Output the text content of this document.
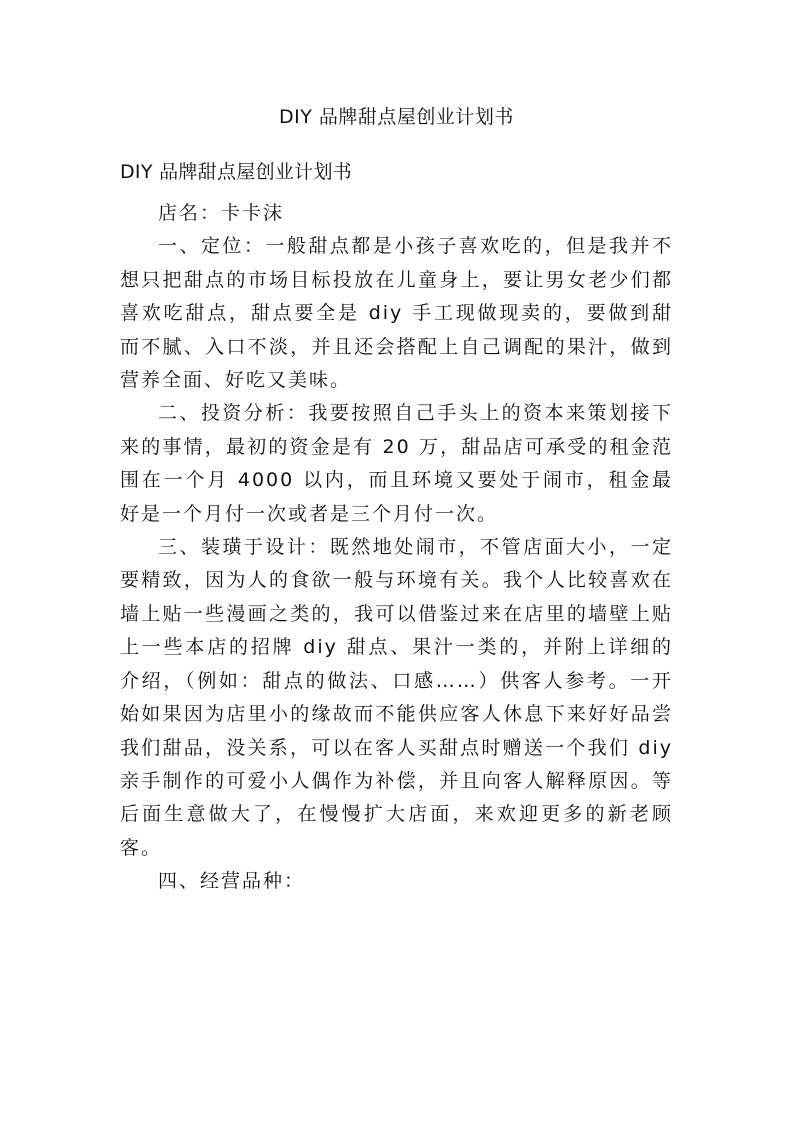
DIY 品牌甜点屋创业计划书
DIY 品牌甜点屋创业计划书

店名：卡卡沫

一、定位：一般甜点都是小孩子喜欢吃的，但是我并不想只把甜点的市场目标投放在儿童身上，要让男女老少们都喜欢吃甜点，甜点要全是 diy 手工现做现卖的，要做到甜而不腻、入口不淡，并且还会搭配上自己调配的果汁，做到营养全面、好吃又美味。

二、投资分析：我要按照自己手头上的资本来策划接下来的事情，最初的资金是有 20 万，甜品店可承受的租金范围在一个月 4000 以内，而且环境又要处于闹市，租金最好是一个月付一次或者是三个月付一次。

三、装璜于设计：既然地处闹市，不管店面大小，一定要精致，因为人的食欲一般与环境有关。我个人比较喜欢在墙上贴一些漫画之类的，我可以借鉴过来在店里的墙壁上贴上一些本店的招牌 diy 甜点、果汁一类的，并附上详细的介绍，（例如：甜点的做法、口感……）供客人参考。一开始如果因为店里小的缘故而不能供应客人休息下来好好品尝我们甜品，没关系，可以在客人买甜点时赠送一个我们 diy 亲手制作的可爱小人偶作为补偿，并且向客人解释原因。等后面生意做大了，在慢慢扩大店面，来欢迎更多的新老顾客。

四、经营品种：
